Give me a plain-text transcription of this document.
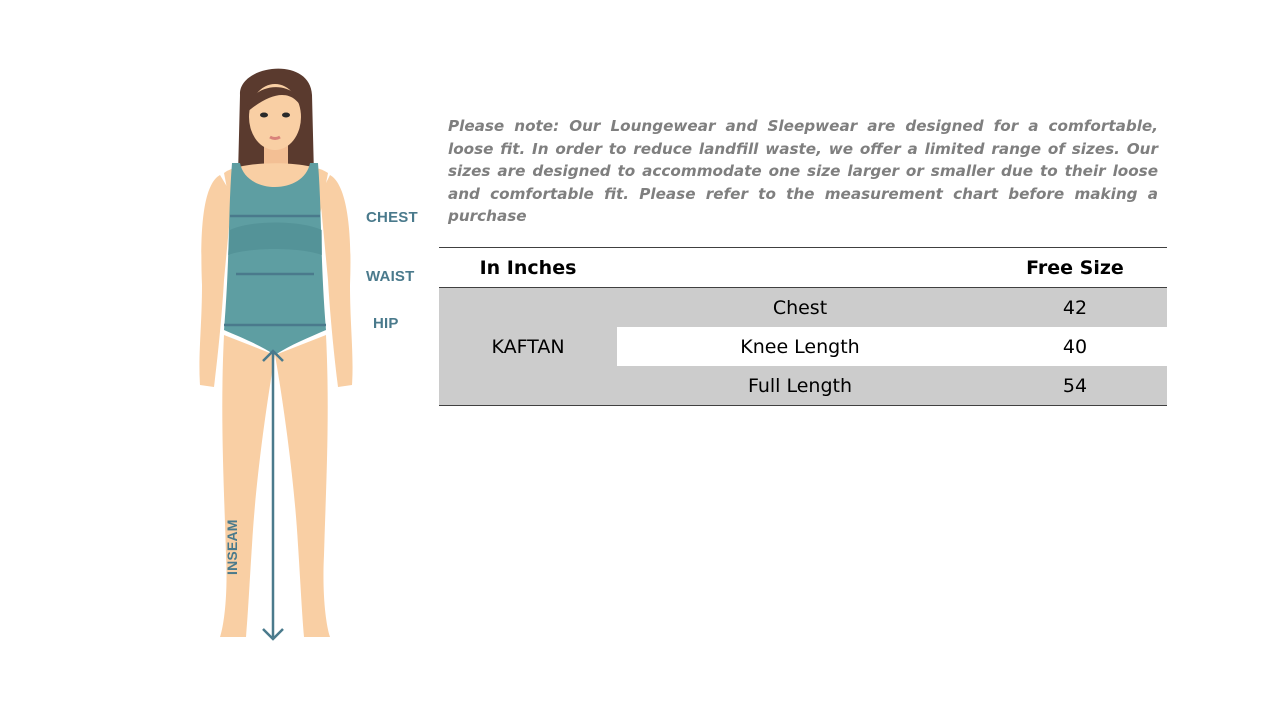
CHEST
WAIST
HIP
INSEAM

Please note: Our Loungewear and Sleepwear are designed for a comfortable, loose fit. In order to reduce landfill waste, we offer a limited range of sizes. Our sizes are designed to accommodate one size larger or smaller due to their loose and comfortable fit. Please refer to the measurement chart before making a purchase

In Inches		Free Size
KAFTAN	Chest	42
	Knee Length	40
	Full Length	54
